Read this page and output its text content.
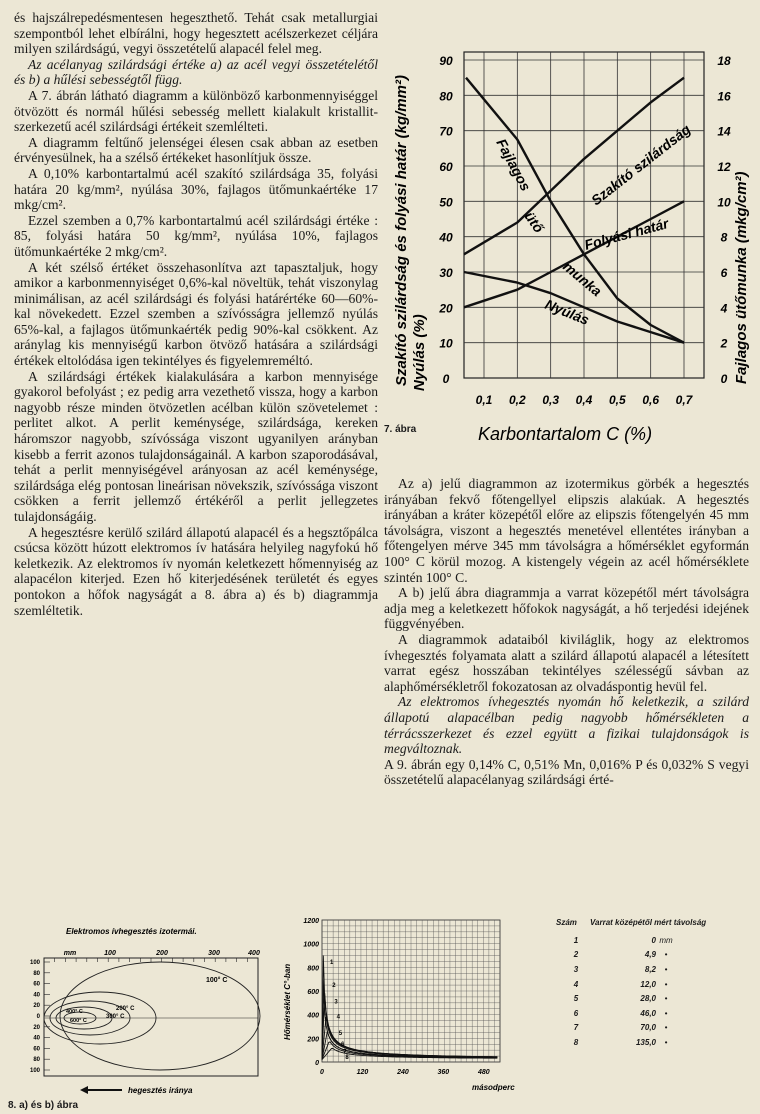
és hajszálrepedésmentesen hegeszthető. Tehát csak metallurgiai szempontból lehet elbírálni, hogy hegesztett acélszerkezet céljára milyen szilárdságú, vegyi összetételű alapacél felel meg.

Az acélanyag szilárdsági értéke a) az acél vegyi összetételétől és b) a hűlési sebességtől függ.

A 7. ábrán látható diagramm a különböző karbonmennyiséggel ötvözött és normál hűlési sebesség mellett kialakult kristallit-szerkezetű acél szilárdsági értékeit szemlélteti.

A diagramm feltűnő jelenségei élesen csak abban az esetben érvényesülnek, ha a szélső értékeket hasonlítjuk össze.

A 0,10% karbontartalmú acél szakító szilárdsága 35, folyási határa 20 kg/mm², nyúlása 30%, fajlagos ütőmunkaértéke 17 mkg/cm².

Ezzel szemben a 0,7% karbontartalmú acél szilárdsági értéke : 85, folyási határa 50 kg/mm², nyúlása 10%, fajlagos ütőmunkaértéke 2 mkg/cm².

A két szélső értéket összehasonlítva azt tapasztaljuk, hogy amikor a karbonmennyiséget 0,6%-kal növeltük, tehát viszonylag minimálisan, az acél szilárdsági és folyási határértéke 60—60%-kal növekedett. Ezzel szemben a szívósságra jellemző nyúlás 65%-kal, a fajlagos ütőmunkaérték pedig 90%-kal csökkent. Az aránylag kis mennyiségű karbon ötvöző hatására a szilárdsági értékek eltolódása igen tekintélyes és figyelemreméltó.

A szilárdsági értékek kialakulására a karbon mennyisége gyakorol befolyást ; ez pedig arra vezethető vissza, hogy a karbon nagyobb része minden ötvözetlen acélban külön szövetelemet : perlitet alkot. A perlit keménysége, szilárdsága, kereken háromszor nagyobb, szívóssága viszont ugyanilyen arányban kisebb a ferrit azonos tulajdonságainál. A karbon szaporodásával, tehát a perlit mennyiségével arányosan az acél keménysége, szilárdsága elég pontosan lineárisan növekszik, szívóssága viszont csökken a ferrit jellemző értékéről a perlit jellegzetes tulajdonságáig.

A hegesztésre kerülő szilárd állapotú alapacél és a hegsztőpálca csúcsa között húzott elektromos ív hatására helyileg nagyfokú hő keletkezik. Az elektromos ív nyomán keletkezett hőmennyiség az alapacélon kiterjed. Ezen hő kiterjedésének területét és egyes pontokon a hőfok nagyságát a 8. ábra a) és b) diagrammja szemléltetik.

Az a) jelű diagrammon az izotermikus görbék a hegesztés irányában fekvő főtengellyel elipszis alakúak. A hegesztés irányában a kráter közepétől előre az elipszis főtengelyén 45 mm távolságra, viszont a hegesztés menetével ellentétes irányban a főtengelyen mérve 345 mm távolságra a hőmérséklet egyformán 100° C körül mozog. A kistengely végein az acél hőmérséklete szintén 100° C.

A b) jelű ábra diagrammja a varrat közepétől mért távolságra adja meg a keletkezett hőfokok nagyságát, a hő terjedési idejének függvényében.

A diagrammok adataiból kiviláglik, hogy az elektromos ívhegesztés folyamata alatt a szilárd állapotú alapacél a létesített varrat egész hosszában tekintélyes szélességű sávban az alaphőmérsékletről fokozatosan az olvadáspontig hevül fel.

Az elektromos ívhegesztés nyomán hő keletkezik, a szilárd állapotú alapacélban pedig nagyobb hőmérsékleten a térrácsszerkezet és ezzel együtt a fizikai tulajdonságok is megváltoznak.

A 9. ábrán egy 0,14% C, 0,51% Mn, 0,016% P és 0,032% S vegyi összetételű alapacélanyag szilárdsági érté-

Szakító szilárdság és folyási határ (kg/mm²) Nyúlás (%)	Fajlagos ütőmunka (mkg/cm²)
0
10
20
30
40
50
60
70
80
90
0
2
4
6
8
10
12
14
16
18
0,1 0,2 0,3 0,4 0,5 0,6 0,7
Szakító szilárdság
Folyási határ
Fajlagos
ütő
munka
Nyúlás
Karbontartalom C (%)
7. ábra
Elektromos ívhegesztés izotermái.
mm	100	200	300	400
100
80
60
40
20
0
20
40
60
80
100
100° C
200° C
300° C
400° C
600° C
hegesztés iránya
8. a) és b) ábra
Hőmérséklet C°-ban
1200
1000
800
600
400
200
0
0	120	240	360	480
1
2
3
4
5
6
7
8
másodperc
Szám	Varrat középétől mért távolság
1	0 mm
2	4,9	•
3	8,2	•
4	12,0	•
5	28,0	•
6	46,0	•
7	70,0	•
8	135,0	•
